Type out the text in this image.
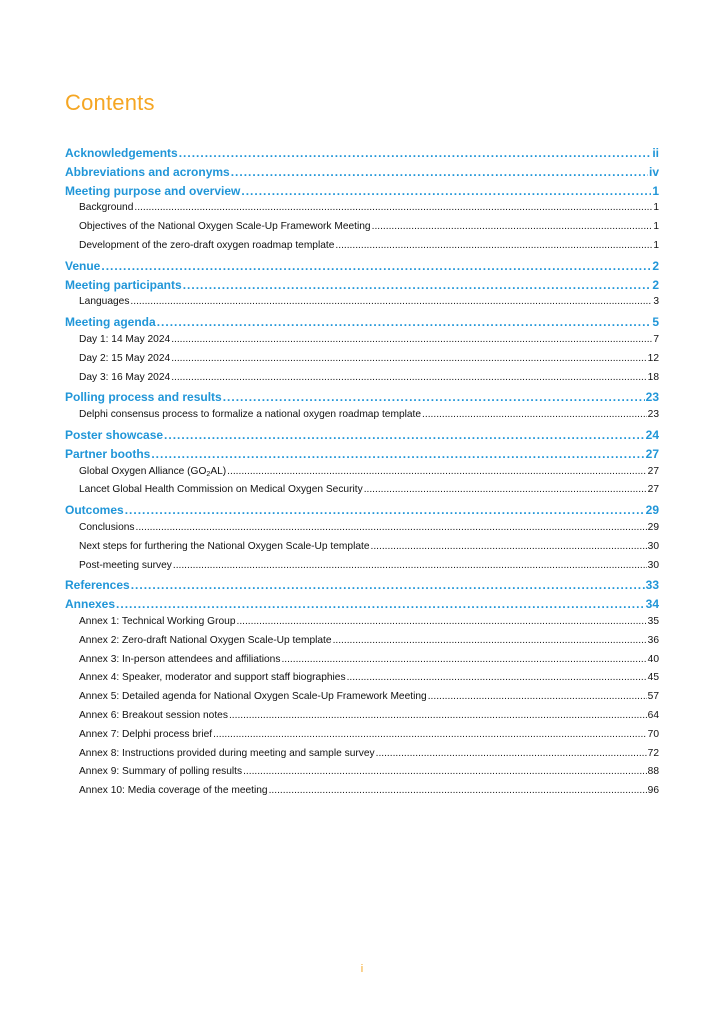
Contents
Acknowledgements .....	ii
Abbreviations and acronyms .....	iv
Meeting purpose and overview .....	1
Background .....	1
Objectives of the National Oxygen Scale-Up Framework Meeting .....	1
Development of the zero-draft oxygen roadmap template .....	1
Venue .....	2
Meeting participants .....	2
Languages .....	3
Meeting agenda .....	5
Day 1: 14 May 2024 .....	7
Day 2: 15 May 2024 .....	12
Day 3: 16 May 2024 .....	18
Polling process and results .....	23
Delphi consensus process to formalize a national oxygen roadmap template .....	23
Poster showcase .....	24
Partner booths .....	27
Global Oxygen Alliance $(GO_2AL)$ .....	27
Lancet Global Health Commission on Medical Oxygen Security .....	27
Outcomes .....	29
Conclusions .....	29
Next steps for furthering the National Oxygen Scale-Up template .....	30
Post-meeting survey .....	30
References .....	33
Annexes .....	34
Annex 1: Technical Working Group .....	35
Annex 2: Zero-draft National Oxygen Scale-Up template .....	36
Annex 3: In-person attendees and affiliations .....	40
Annex 4: Speaker, moderator and support staff biographies .....	45
Annex 5: Detailed agenda for National Oxygen Scale-Up Framework Meeting .....	57
Annex 6: Breakout session notes .....	64
Annex 7: Delphi process brief .....	70
Annex 8: Instructions provided during meeting and sample survey .....	72
Annex 9: Summary of polling results .....	88
Annex 10: Media coverage of the meeting .....	96
i
